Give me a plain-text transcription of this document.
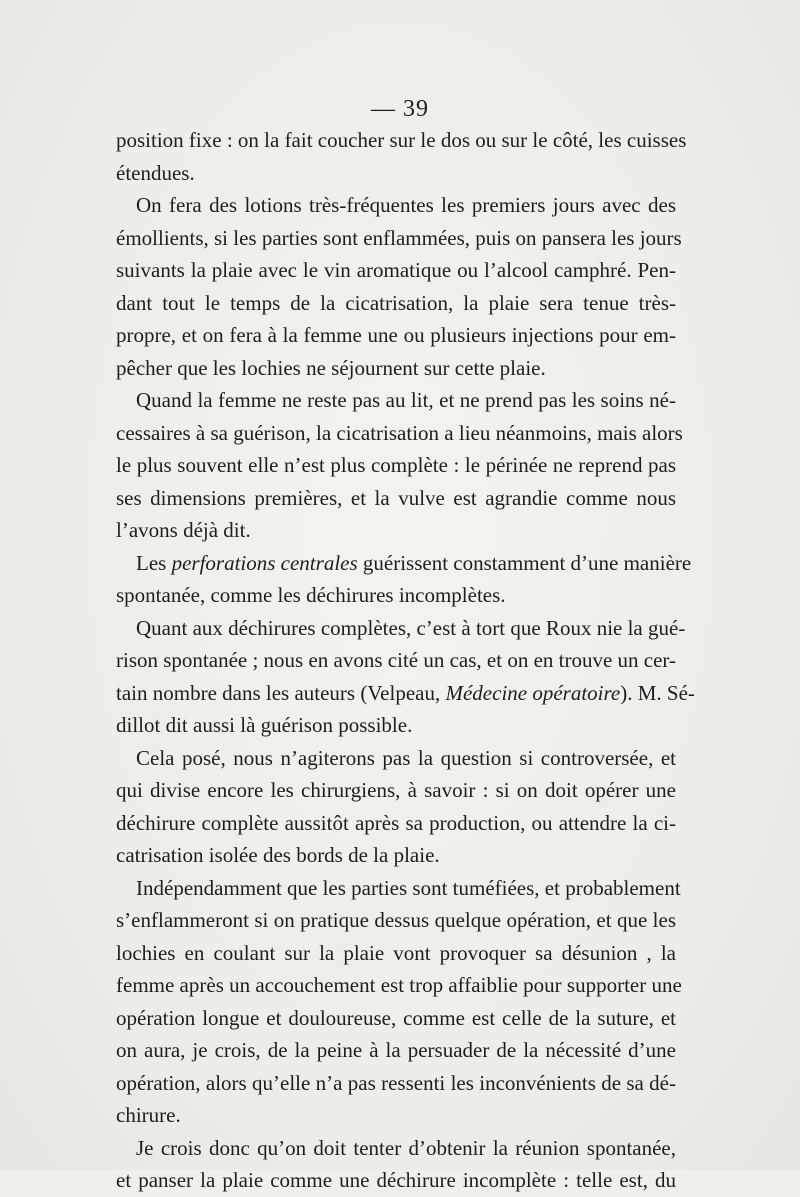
— 39
position fixe : on la fait coucher sur le dos ou sur le côté, les cuisses
étendues.
On fera des lotions très-fréquentes les premiers jours avec des
émollients, si les parties sont enflammées, puis on pansera les jours
suivants la plaie avec le vin aromatique ou l’alcool camphré. Pen-
dant tout le temps de la cicatrisation, la plaie sera tenue très-
propre, et on fera à la femme une ou plusieurs injections pour em-
pêcher que les lochies ne séjournent sur cette plaie.
Quand la femme ne reste pas au lit, et ne prend pas les soins né-
cessaires à sa guérison, la cicatrisation a lieu néanmoins, mais alors
le plus souvent elle n’est plus complète : le périnée ne reprend pas
ses dimensions premières, et la vulve est agrandie comme nous
l’avons déjà dit.
Les perforations centrales guérissent constamment d’une manière
spontanée, comme les déchirures incomplètes.
Quant aux déchirures complètes, c’est à tort que Roux nie la gué-
rison spontanée ; nous en avons cité un cas, et on en trouve un cer-
tain nombre dans les auteurs (Velpeau, Médecine opératoire). M. Sé-
dillot dit aussi là guérison possible.
Cela posé, nous n’agiterons pas la question si controversée, et
qui divise encore les chirurgiens, à savoir : si on doit opérer une
déchirure complète aussitôt après sa production, ou attendre la ci-
catrisation isolée des bords de la plaie.
Indépendamment que les parties sont tuméfiées, et probablement
s’enflammeront si on pratique dessus quelque opération, et que les
lochies en coulant sur la plaie vont provoquer sa désunion , la
femme après un accouchement est trop affaiblie pour supporter une
opération longue et douloureuse, comme est celle de la suture, et
on aura, je crois, de la peine à la persuader de la nécessité d’une
opération, alors qu’elle n’a pas ressenti les inconvénients de sa dé-
chirure.
Je crois donc qu’on doit tenter d’obtenir la réunion spontanée,
et panser la plaie comme une déchirure incomplète : telle est, du
